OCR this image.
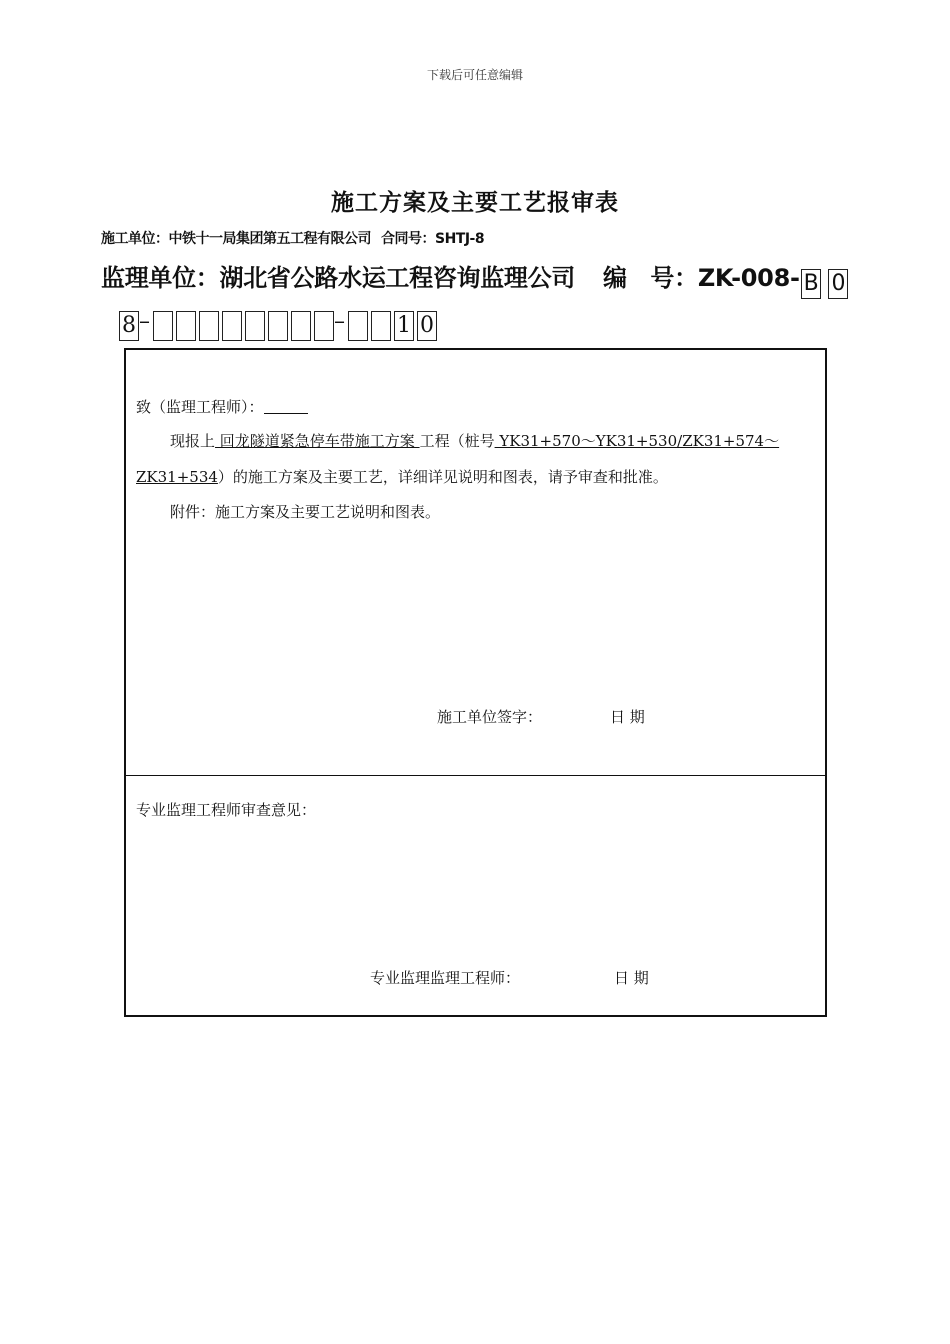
下载后可任意编辑
施工方案及主要工艺报审表
施工单位：中铁十一局集团第五工程有限公司 合同号：SHTJ-8
监理单位：湖北省公路水运工程咨询监理公司 编　号：ZK-008- B 0
8 –	– 1 0
致（监理工程师）：
现报上 回龙隧道紧急停车带施工方案 工程（桩号 YK31+570～YK31+530/ZK31+574～
ZK31+534）的施工方案及主要工艺，详细详见说明和图表，请予审查和批准。
附件：施工方案及主要工艺说明和图表。
施工单位签字：	日 期
专业监理工程师审查意见：
专业监理监理工程师：	日 期
